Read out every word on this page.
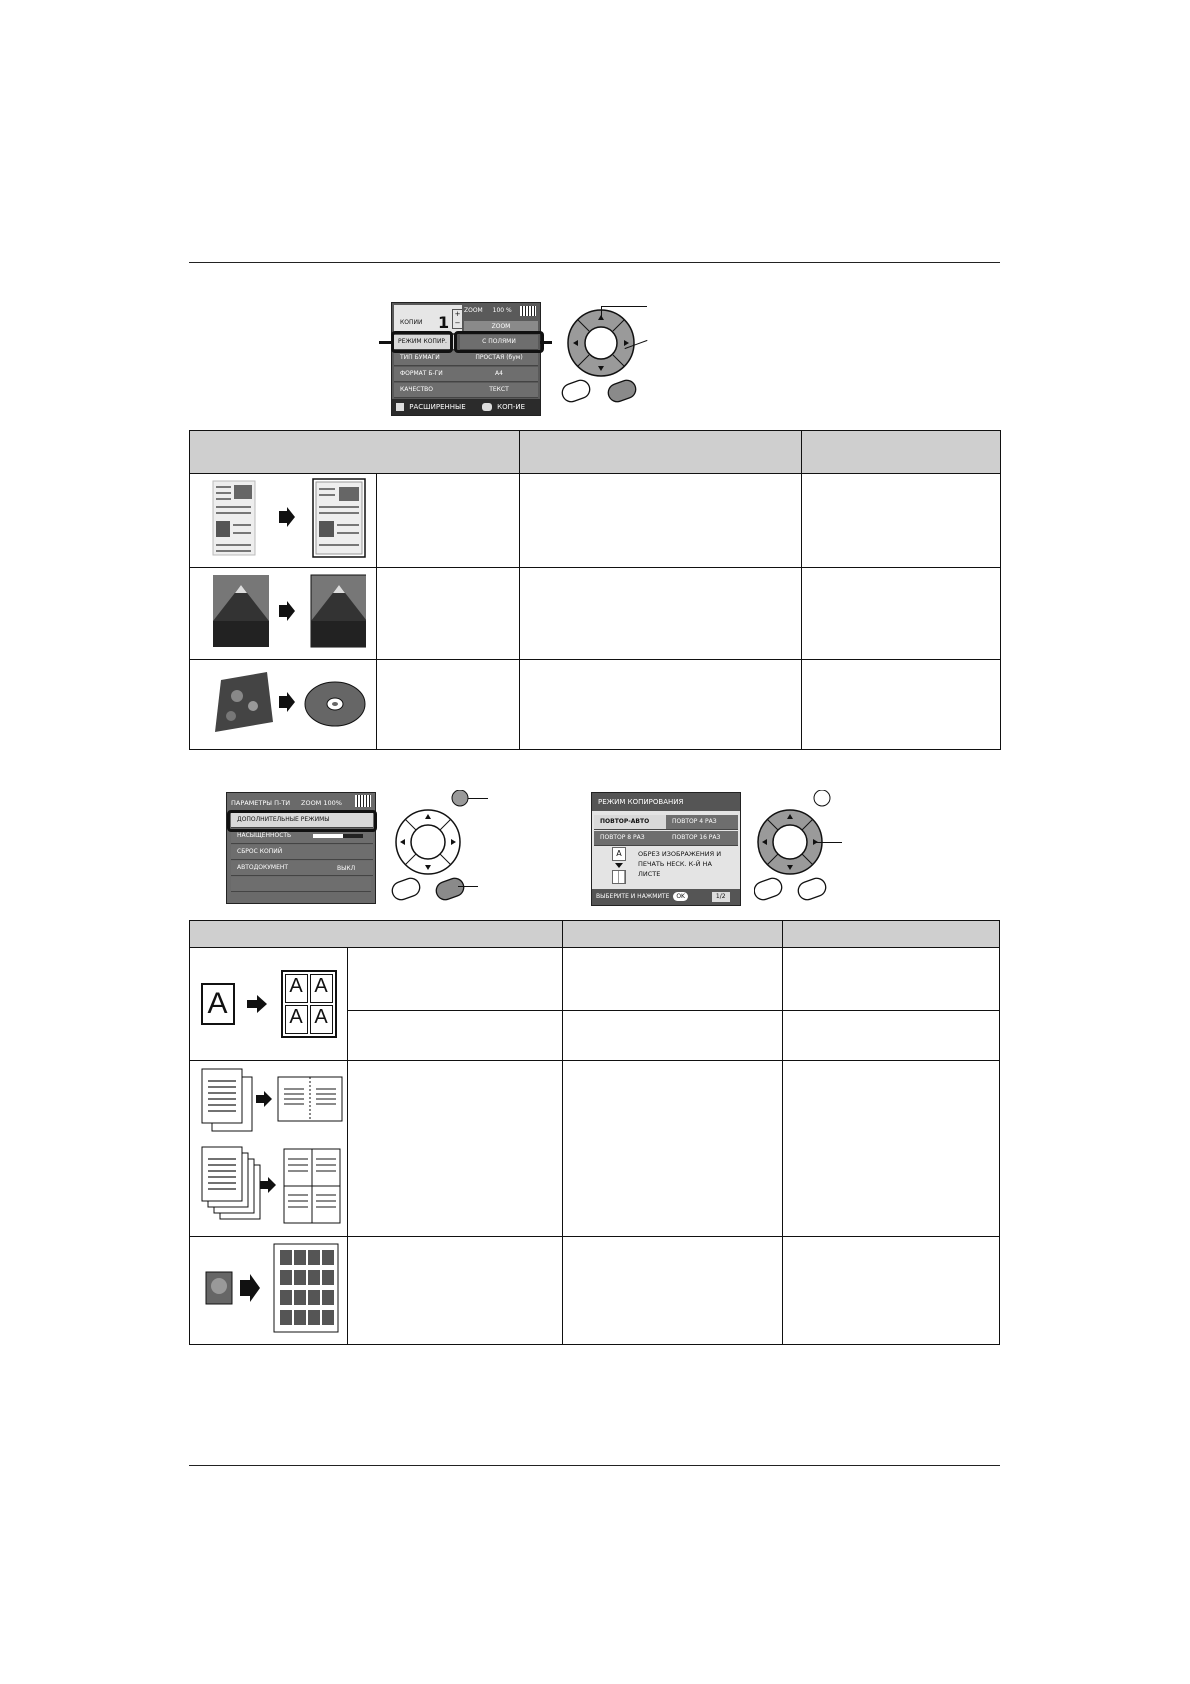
КОПИИ 1 +
−
ZOOM 100 %
ZOOM
РЕЖИМ КОПИР.	С ПОЛЯМИ
ТИП БУМАГИ	ПРОСТАЯ (бум)
ФОРМАТ Б-ГИ	A4
КАЧЕСТВО	ТЕКСТ
РАСШИРЕННЫЕ	КОП-ИЕ

ПАРАМЕТРЫ П-ТИ ZOOM 100%
ДОПОЛНИТЕЛЬНЫЕ РЕЖИМЫ
НАСЫЩЕННОСТЬ
СБРОС КОПИЙ
АВТОДОКУМЕНТ	ВЫКЛ
РЕЖИМ КОПИРОВАНИЯ
ПОВТОР-АВТО	ПОВТОР 4 РАЗ
ПОВТОР 8 РАЗ	ПОВТОР 16 РАЗ
A	ОБРЕЗ ИЗОБРАЖЕНИЯ И ПЕЧАТЬ НЕСК. К-Й НА ЛИСТЕ
ВЫБЕРИТЕ И НАЖМИТЕ OK	1/2

A
A A
A A			
